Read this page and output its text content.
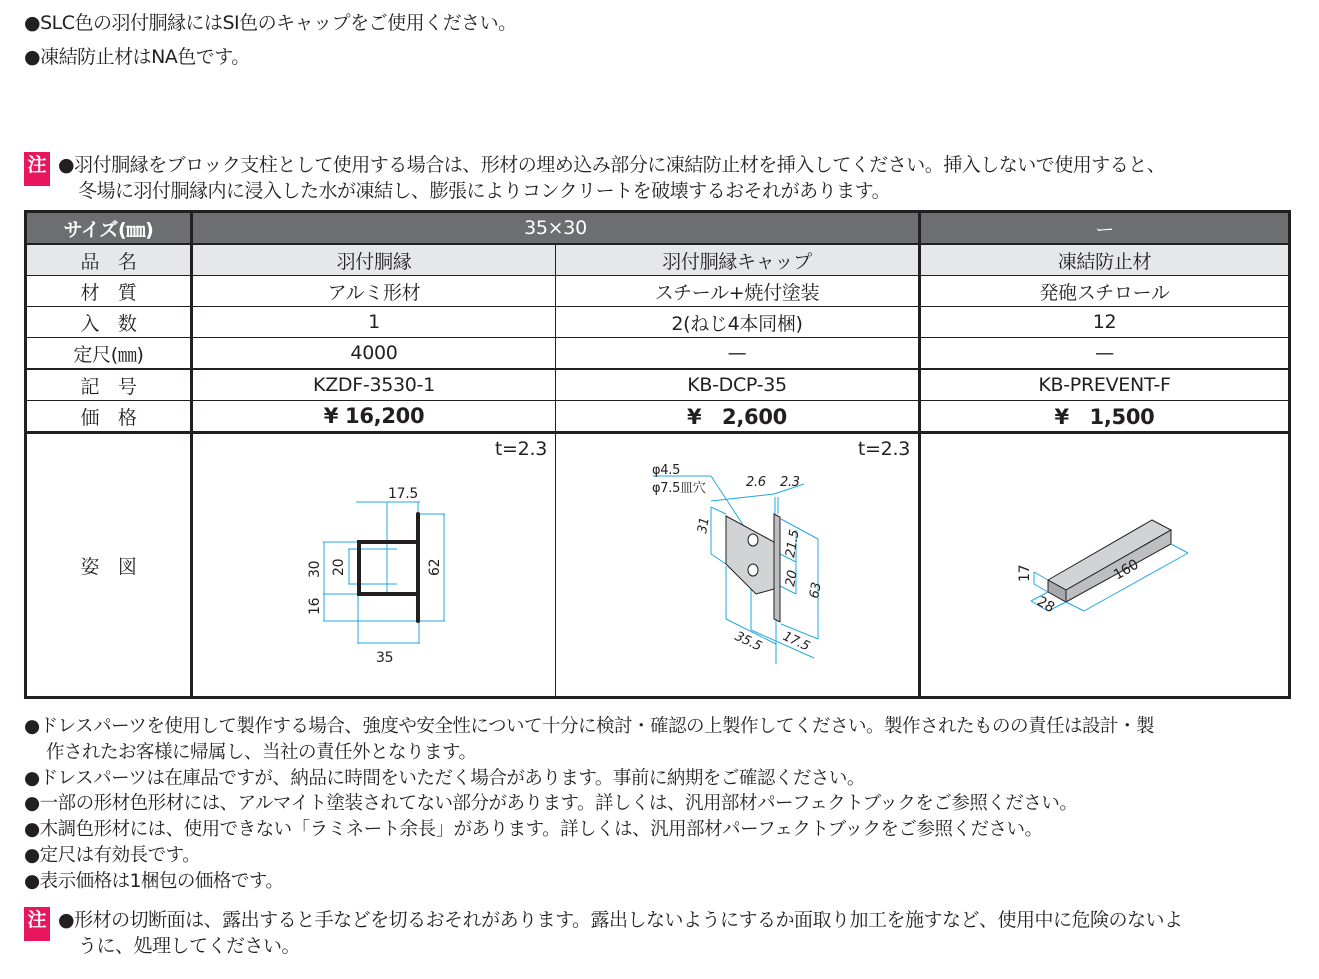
●SLC色の羽付胴縁にはSI色のキャップをご使用ください。
●凍結防止材はNA色です。
注 ●羽付胴縁をブロック支柱として使用する場合は、形材の埋め込み部分に凍結防止材を挿入してください。挿入しないで使用すると、
冬場に羽付胴縁内に浸入した水が凍結し、膨張によりコンクリートを破壊するおそれがあります。
サイズ(㎜)	35×30		ー
品　名	羽付胴縁	羽付胴縁キャップ	凍結防止材
材　質	アルミ形材	スチール+焼付塗装	発砲スチロール
入　数	1	2(ねじ4本同梱)	12
定尺(㎜)	4000	—	—
記　号	KZDF-3530-1	KB-DCP-35	KB-PREVENT-F
価　格	¥ 16,200	¥　2,600	¥　1,500
姿　図	
t=2.3
17.5
35
62
30 20
16

t=2.3
φ4.5
φ7.5皿穴	2.6 2.3
31
21.5
20
63
35.5 17.5

17
28
160
●ドレスパーツを使用して製作する場合、強度や安全性について十分に検討・確認の上製作してください。製作されたものの責任は設計・製
作されたお客様に帰属し、当社の責任外となります。
●ドレスパーツは在庫品ですが、納品に時間をいただく場合があります。事前に納期をご確認ください。
●一部の形材色形材には、アルマイト塗装されてない部分があります。詳しくは、汎用部材パーフェクトブックをご参照ください。
●木調色形材には、使用できない「ラミネート余長」があります。詳しくは、汎用部材パーフェクトブックをご参照ください。
●定尺は有効長です。
●表示価格は1梱包の価格です。
注 ●形材の切断面は、露出すると手などを切るおそれがあります。露出しないようにするか面取り加工を施すなど、使用中に危険のないよ
うに、処理してください。
